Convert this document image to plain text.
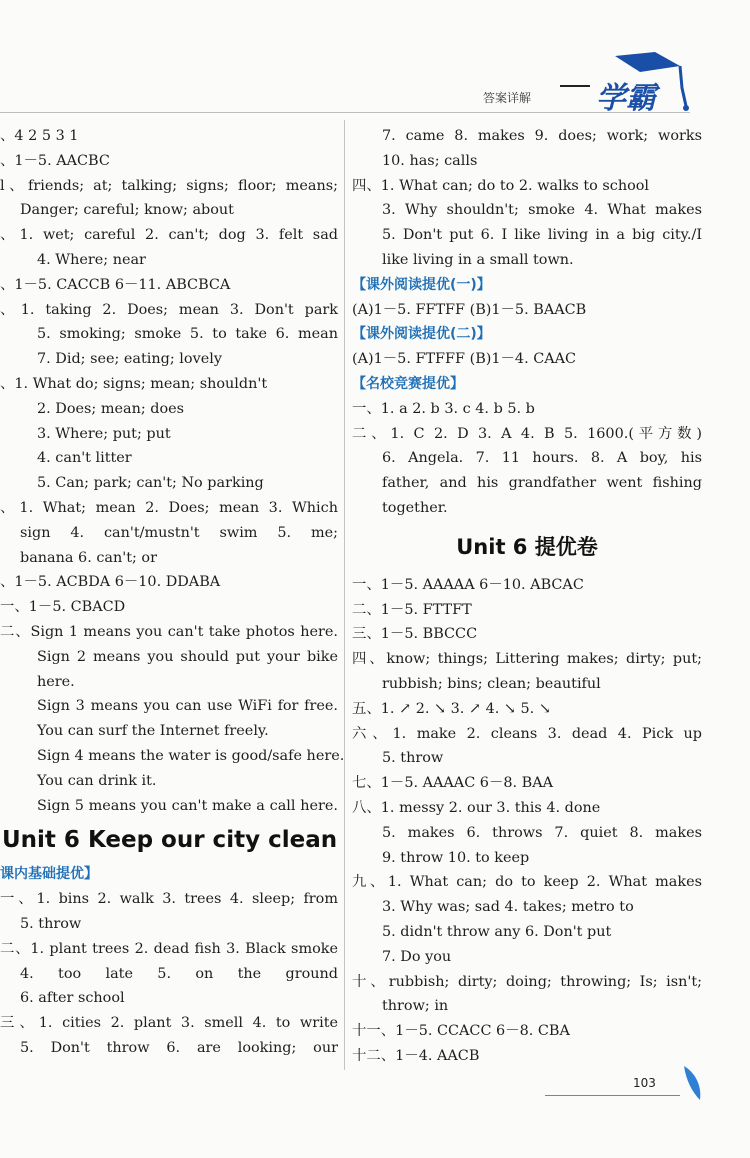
答案详解 学霸
、4 2 5 3 1
、1－5. AACBC
l、friends; at; talking; signs; floor; means;
Danger; careful; know; about
、1. wet; careful 2. can't; dog 3. felt sad
4. Where; near
、1－5. CACCB 6－11. ABCBCA
、1. taking 2. Does; mean 3. Don't park
5. smoking; smoke 5. to take 6. mean
7. Did; see; eating; lovely
、1. What do; signs; mean; shouldn't
2. Does; mean; does
3. Where; put; put
4. can't litter
5. Can; park; can't; No parking
、1. What; mean 2. Does; mean 3. Which
sign 4. can't/mustn't swim 5. me;
banana 6. can't; or
、1－5. ACBDA 6－10. DDABA
一、1－5. CBACD
二、Sign 1 means you can't take photos here.
Sign 2 means you should put your bike
here.
Sign 3 means you can use WiFi for free.
You can surf the Internet freely.
Sign 4 means the water is good/safe here.
You can drink it.
Sign 5 means you can't make a call here.
Unit 6 Keep our city clean
课内基础提优】
一、1. bins 2. walk 3. trees 4. sleep; from
5. throw
二、1. plant trees 2. dead fish 3. Black smoke
4. too late 5. on the ground
6. after school
三、1. cities 2. plant 3. smell 4. to write
5. Don't throw 6. are looking; our
7. came 8. makes 9. does; work; works
10. has; calls
四、1. What can; do to 2. walks to school
3. Why shouldn't; smoke 4. What makes
5. Don't put 6. I like living in a big city./I
like living in a small town.
【课外阅读提优(一)】
(A)1－5. FFTFF (B)1－5. BAACB
【课外阅读提优(二)】
(A)1－5. FTFFF (B)1－4. CAAC
【名校竞赛提优】
一、1. a 2. b 3. c 4. b 5. b
二、1. C 2. D 3. A 4. B 5. 1600.(平方数)
6. Angela. 7. 11 hours. 8. A boy, his
father, and his grandfather went fishing
together.
Unit 6 提优卷
一、1－5. AAAAA 6－10. ABCAC
二、1－5. FTTFT
三、1－5. BBCCC
四、know; things; Littering makes; dirty; put;
rubbish; bins; clean; beautiful
五、1. ↗ 2. ↘ 3. ↗ 4. ↘ 5. ↘
六、1. make 2. cleans 3. dead 4. Pick up
5. throw
七、1－5. AAAAC 6－8. BAA
八、1. messy 2. our 3. this 4. done
5. makes 6. throws 7. quiet 8. makes
9. throw 10. to keep
九、1. What can; do to keep 2. What makes
3. Why was; sad 4. takes; metro to
5. didn't throw any 6. Don't put
7. Do you
十、rubbish; dirty; doing; throwing; Is; isn't;
throw; in
十一、1－5. CCACC 6－8. CBA
十二、1－4. AACB
103
